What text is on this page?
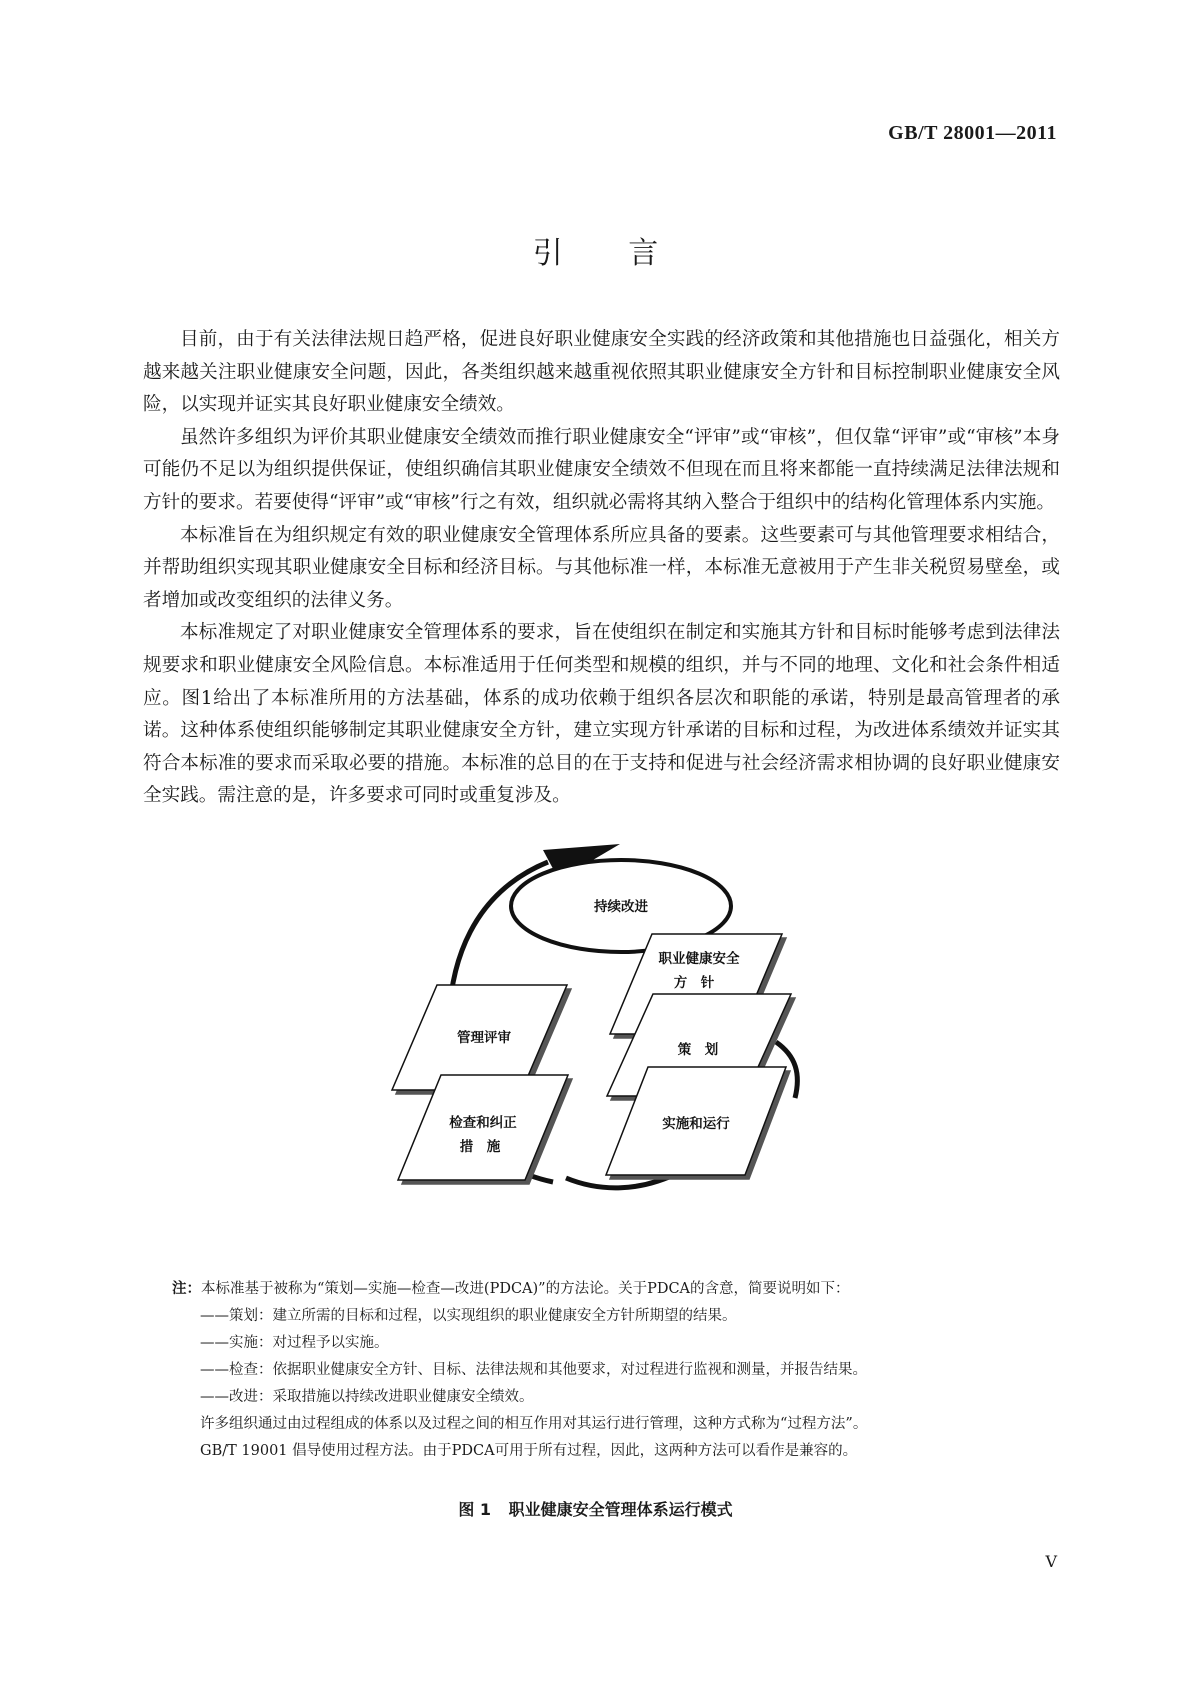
GB/T 28001—2011
引 言

目前，由于有关法律法规日趋严格，促进良好职业健康安全实践的经济政策和其他措施也日益强化，相关方越来越关注职业健康安全问题，因此，各类组织越来越重视依照其职业健康安全方针和目标控制职业健康安全风险，以实现并证实其良好职业健康安全绩效。

虽然许多组织为评价其职业健康安全绩效而推行职业健康安全“评审”或“审核”，但仅靠“评审”或“审核”本身可能仍不足以为组织提供保证，使组织确信其职业健康安全绩效不但现在而且将来都能一直持续满足法律法规和方针的要求。若要使得“评审”或“审核”行之有效，组织就必需将其纳入整合于组织中的结构化管理体系内实施。

本标准旨在为组织规定有效的职业健康安全管理体系所应具备的要素。这些要素可与其他管理要求相结合，并帮助组织实现其职业健康安全目标和经济目标。与其他标准一样，本标准无意被用于产生非关税贸易壁垒，或者增加或改变组织的法律义务。

本标准规定了对职业健康安全管理体系的要求，旨在使组织在制定和实施其方针和目标时能够考虑到法律法规要求和职业健康安全风险信息。本标准适用于任何类型和规模的组织，并与不同的地理、文化和社会条件相适应。图1给出了本标准所用的方法基础，体系的成功依赖于组织各层次和职能的承诺，特别是最高管理者的承诺。这种体系使组织能够制定其职业健康安全方针，建立实现方针承诺的目标和过程，为改进体系绩效并证实其符合本标准的要求而采取必要的措施。本标准的总目的在于支持和促进与社会经济需求相协调的良好职业健康安全实践。需注意的是，许多要求可同时或重复涉及。

持续改进
管理评审
职业健康安全
方　针
策　划
检查和纠正
措　施
实施和运行

注：本标准基于被称为“策划—实施—检查—改进(PDCA)”的方法论。关于PDCA的含意，简要说明如下：

——策划：建立所需的目标和过程，以实现组织的职业健康安全方针所期望的结果。

——实施：对过程予以实施。

——检查：依据职业健康安全方针、目标、法律法规和其他要求，对过程进行监视和测量，并报告结果。

——改进：采取措施以持续改进职业健康安全绩效。

许多组织通过由过程组成的体系以及过程之间的相互作用对其运行进行管理，这种方式称为“过程方法”。

GB/T 19001 倡导使用过程方法。由于PDCA可用于所有过程，因此，这两种方法可以看作是兼容的。

图 1 职业健康安全管理体系运行模式
V
